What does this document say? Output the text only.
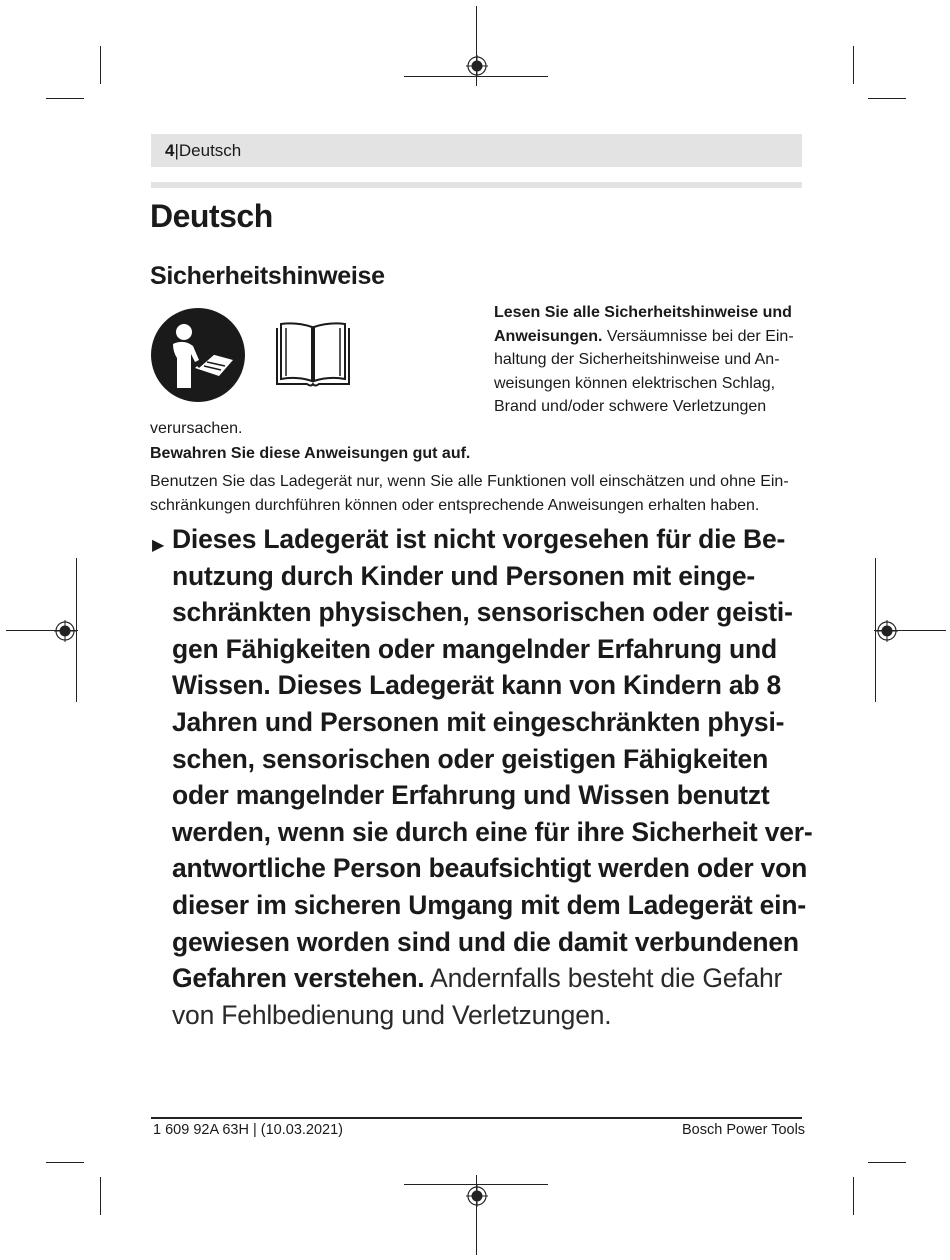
4|Deutsch
Deutsch
Sicherheitshinweise
Lesen Sie alle Sicherheitshinweise und
Anweisungen. Versäumnisse bei der Ein-
haltung der Sicherheitshinweise und An-
weisungen können elektrischen Schlag,
Brand und/oder schwere Verletzungen
verursachen.
Bewahren Sie diese Anweisungen gut auf.
Benutzen Sie das Ladegerät nur, wenn Sie alle Funktionen voll einschätzen und ohne Ein-
schränkungen durchführen können oder entsprechende Anweisungen erhalten haben.
▶ Dieses Ladegerät ist nicht vorgesehen für die Be-
nutzung durch Kinder und Personen mit einge-
schränkten physischen, sensorischen oder geisti-
gen Fähigkeiten oder mangelnder Erfahrung und
Wissen. Dieses Ladegerät kann von Kindern ab 8
Jahren und Personen mit eingeschränkten physi-
schen, sensorischen oder geistigen Fähigkeiten
oder mangelnder Erfahrung und Wissen benutzt
werden, wenn sie durch eine für ihre Sicherheit ver-
antwortliche Person beaufsichtigt werden oder von
dieser im sicheren Umgang mit dem Ladegerät ein-
gewiesen worden sind und die damit verbundenen
Gefahren verstehen. Andernfalls besteht die Gefahr
von Fehlbedienung und Verletzungen.
1 609 92A 63H | (10.03.2021)	Bosch Power Tools
